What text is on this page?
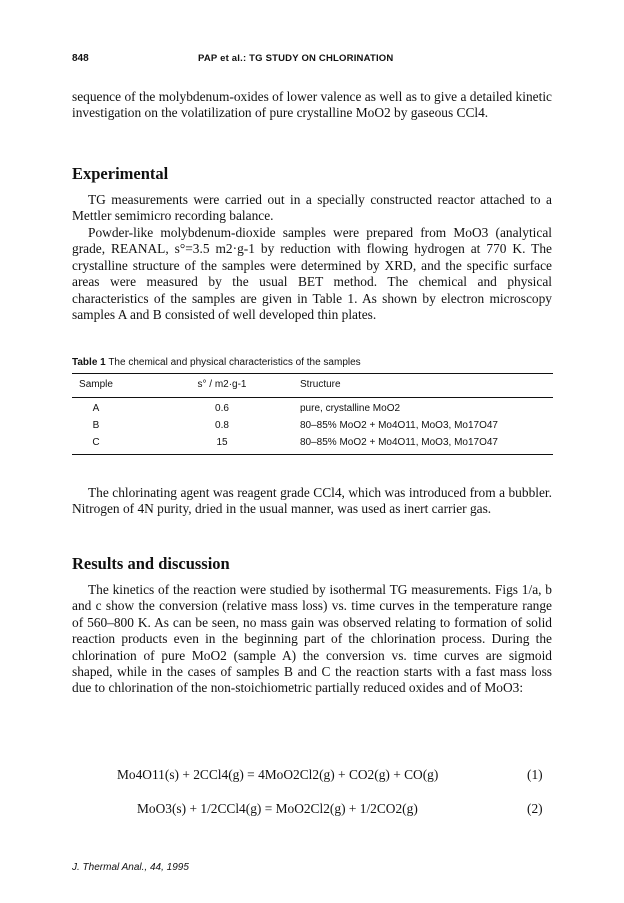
848	PAP et al.: TG STUDY ON CHLORINATION
sequence of the molybdenum-oxides of lower valence as well as to give a detailed kinetic investigation on the volatilization of pure crystalline MoO2 by gaseous CCl4.
Experimental
TG measurements were carried out in a specially constructed reactor attached to a Mettler semimicro recording balance.
Powder-like molybdenum-dioxide samples were prepared from MoO3 (analytical grade, REANAL, s°=3.5 m2·g-1 by reduction with flowing hydrogen at 770 K. The crystalline structure of the samples were determined by XRD, and the specific surface areas were measured by the usual BET method. The chemical and physical characteristics of the samples are given in Table 1. As shown by electron microscopy samples A and B consisted of well developed thin plates.
Table 1 The chemical and physical characteristics of the samples
Sample	s° / m2·g-1	Structure
A	0.6	pure, crystalline MoO2
B	0.8	80–85% MoO2 + Mo4O11, MoO3, Mo17O47
C	15	80–85% MoO2 + Mo4O11, MoO3, Mo17O47
The chlorinating agent was reagent grade CCl4, which was introduced from a bubbler. Nitrogen of 4N purity, dried in the usual manner, was used as inert carrier gas.
Results and discussion
The kinetics of the reaction were studied by isothermal TG measurements. Figs 1/a, b and c show the conversion (relative mass loss) vs. time curves in the temperature range of 560–800 K. As can be seen, no mass gain was observed relating to formation of solid reaction products even in the beginning part of the chlorination process. During the chlorination of pure MoO2 (sample A) the conversion vs. time curves are sigmoid shaped, while in the cases of samples B and C the reaction starts with a fast mass loss due to chlorination of the non-stoichiometric partially reduced oxides and of MoO3:
Mo4O11(s) + 2CCl4(g) = 4MoO2Cl2(g) + CO2(g) + CO(g)	(1)
MoO3(s) + 1/2CCl4(g) = MoO2Cl2(g) + 1/2CO2(g)	(2)
J. Thermal Anal., 44, 1995
